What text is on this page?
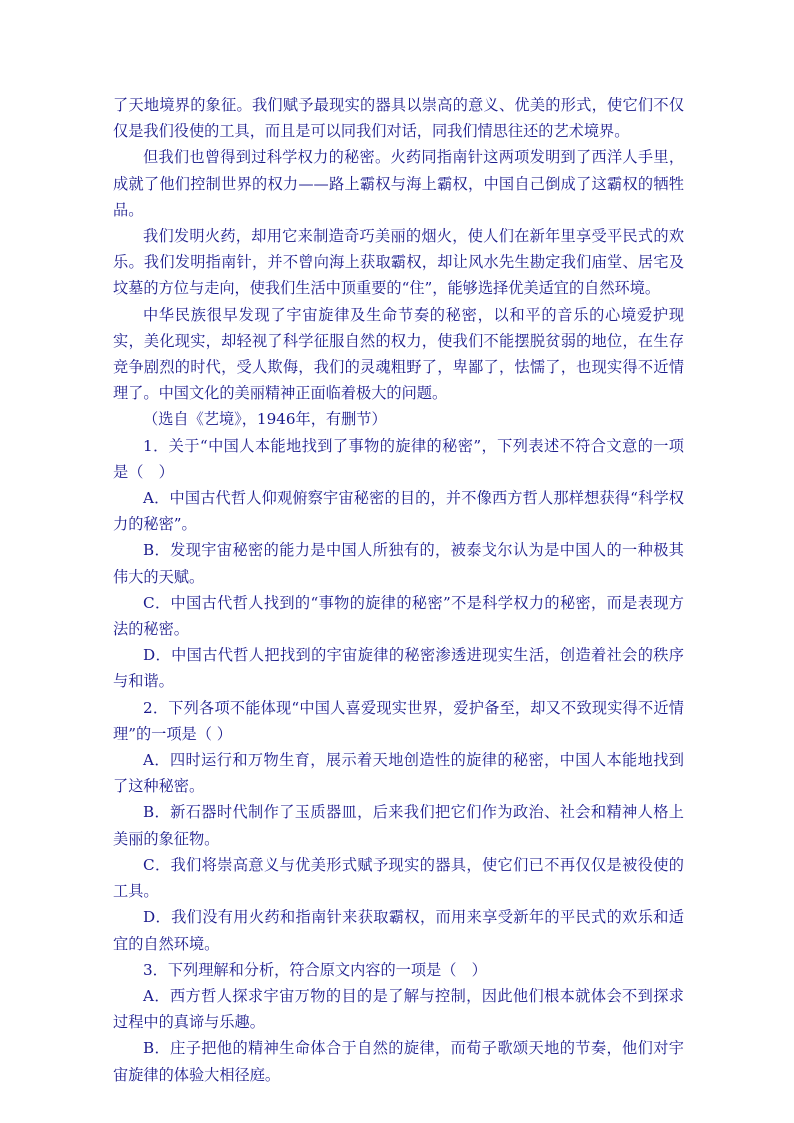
了天地境界的象征。我们赋予最现实的器具以崇高的意义、优美的形式，使它们不仅仅是我们役使的工具，而且是可以同我们对话，同我们情思往还的艺术境界。

但我们也曾得到过科学权力的秘密。火药同指南针这两项发明到了西洋人手里，成就了他们控制世界的权力——路上霸权与海上霸权，中国自己倒成了这霸权的牺牲品。

我们发明火药，却用它来制造奇巧美丽的烟火，使人们在新年里享受平民式的欢乐。我们发明指南针，并不曾向海上获取霸权，却让风水先生勘定我们庙堂、居宅及坟墓的方位与走向，使我们生活中顶重要的“住”，能够选择优美适宜的自然环境。

中华民族很早发现了宇宙旋律及生命节奏的秘密，以和平的音乐的心境爱护现实，美化现实，却轻视了科学征服自然的权力，使我们不能摆脱贫弱的地位，在生存竞争剧烈的时代，受人欺侮，我们的灵魂粗野了，卑鄙了，怯懦了，也现实得不近情理了。中国文化的美丽精神正面临着极大的问题。

（选自《艺境》，1946年，有删节）

1．关于“中国人本能地找到了事物的旋律的秘密”，下列表述不符合文意的一项是（　）

A．中国古代哲人仰观俯察宇宙秘密的目的，并不像西方哲人那样想获得“科学权力的秘密”。

B．发现宇宙秘密的能力是中国人所独有的，被泰戈尔认为是中国人的一种极其伟大的天赋。

C．中国古代哲人找到的“事物的旋律的秘密”不是科学权力的秘密，而是表现方法的秘密。

D．中国古代哲人把找到的宇宙旋律的秘密渗透进现实生活，创造着社会的秩序与和谐。

2．下列各项不能体现“中国人喜爱现实世界，爱护备至，却又不致现实得不近情理”的一项是（ ）

A．四时运行和万物生育，展示着天地创造性的旋律的秘密，中国人本能地找到了这种秘密。

B．新石器时代制作了玉质器皿，后来我们把它们作为政治、社会和精神人格上美丽的象征物。

C．我们将崇高意义与优美形式赋予现实的器具，使它们已不再仅仅是被役使的工具。

D．我们没有用火药和指南针来获取霸权，而用来享受新年的平民式的欢乐和适宜的自然环境。

3．下列理解和分析，符合原文内容的一项是（　）

A．西方哲人探求宇宙万物的目的是了解与控制，因此他们根本就体会不到探求过程中的真谛与乐趣。

B．庄子把他的精神生命体合于自然的旋律，而荀子歌颂天地的节奏，他们对宇宙旋律的体验大相径庭。
